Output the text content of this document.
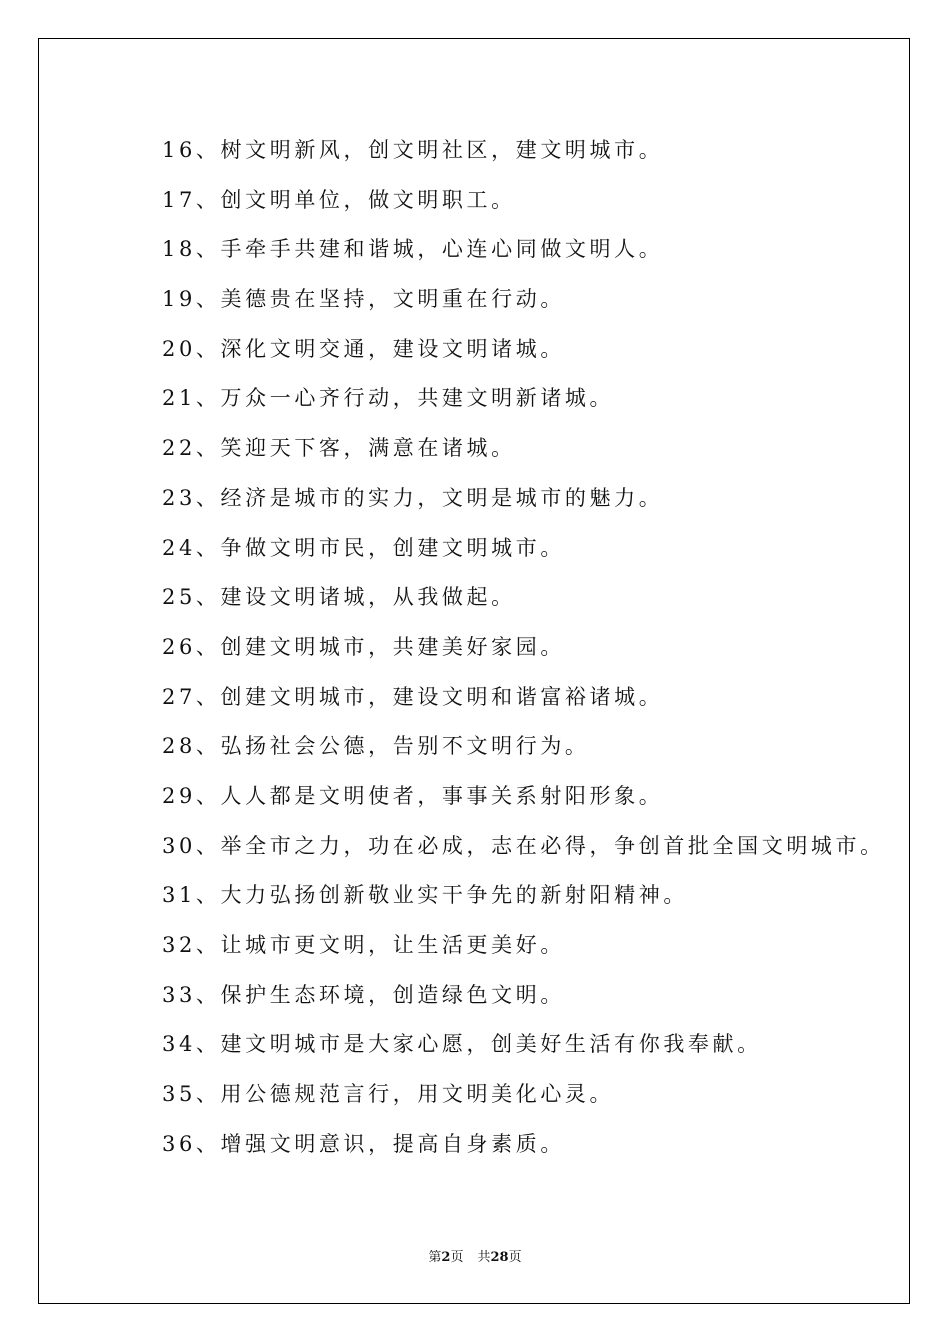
16、树文明新风，创文明社区，建文明城市。
17、创文明单位，做文明职工。
18、手牵手共建和谐城，心连心同做文明人。
19、美德贵在坚持，文明重在行动。
20、深化文明交通，建设文明诸城。
21、万众一心齐行动，共建文明新诸城。
22、笑迎天下客，满意在诸城。
23、经济是城市的实力，文明是城市的魅力。
24、争做文明市民，创建文明城市。
25、建设文明诸城，从我做起。
26、创建文明城市，共建美好家园。
27、创建文明城市，建设文明和谐富裕诸城。
28、弘扬社会公德，告别不文明行为。
29、人人都是文明使者，事事关系射阳形象。
30、举全市之力，功在必成，志在必得，争创首批全国文明城市。
31、大力弘扬创新敬业实干争先的新射阳精神。
32、让城市更文明，让生活更美好。
33、保护生态环境，创造绿色文明。
34、建文明城市是大家心愿，创美好生活有你我奉献。
35、用公德规范言行，用文明美化心灵。
36、增强文明意识，提高自身素质。
第2页 共28页
